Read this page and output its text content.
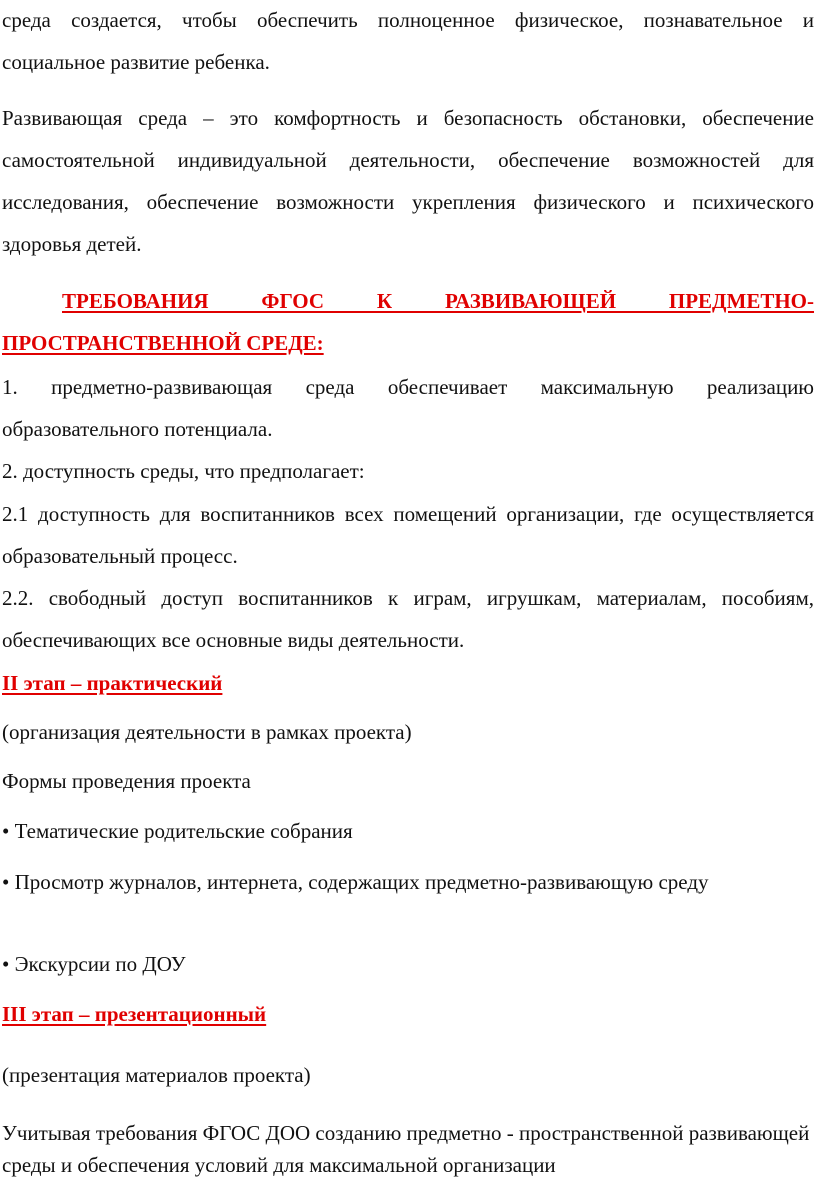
среда создается, чтобы обеспечить полноценное физическое, познавательное и социальное развитие ребенка.

Развивающая среда – это комфортность и безопасность обстановки, обеспечение самостоятельной индивидуальной деятельности, обеспечение возможностей для исследования, обеспечение возможности укрепления физического и психического здоровья детей.

ТРЕБОВАНИЯ ФГОС К РАЗВИВАЮЩЕЙ ПРЕДМЕТНО-ПРОСТРАНСТВЕННОЙ СРЕДЕ:

1. предметно-развивающая среда обеспечивает максимальную реализацию образовательного потенциала.

2. доступность среды, что предполагает:

2.1 доступность для воспитанников всех помещений организации, где осуществляется образовательный процесс.

2.2. свободный доступ воспитанников к играм, игрушкам, материалам, пособиям, обеспечивающих все основные виды деятельности.

II этап – практический

(организация деятельности в рамках проекта)

Формы проведения проекта

• Тематические родительские собрания

• Просмотр журналов, интернета, содержащих предметно-развивающую среду

• Экскурсии по ДОУ

III этап – презентационный

(презентация материалов проекта)

Учитывая требования ФГОС ДОО созданию предметно - пространственной развивающей среды и обеспечения условий для максимальной организации
